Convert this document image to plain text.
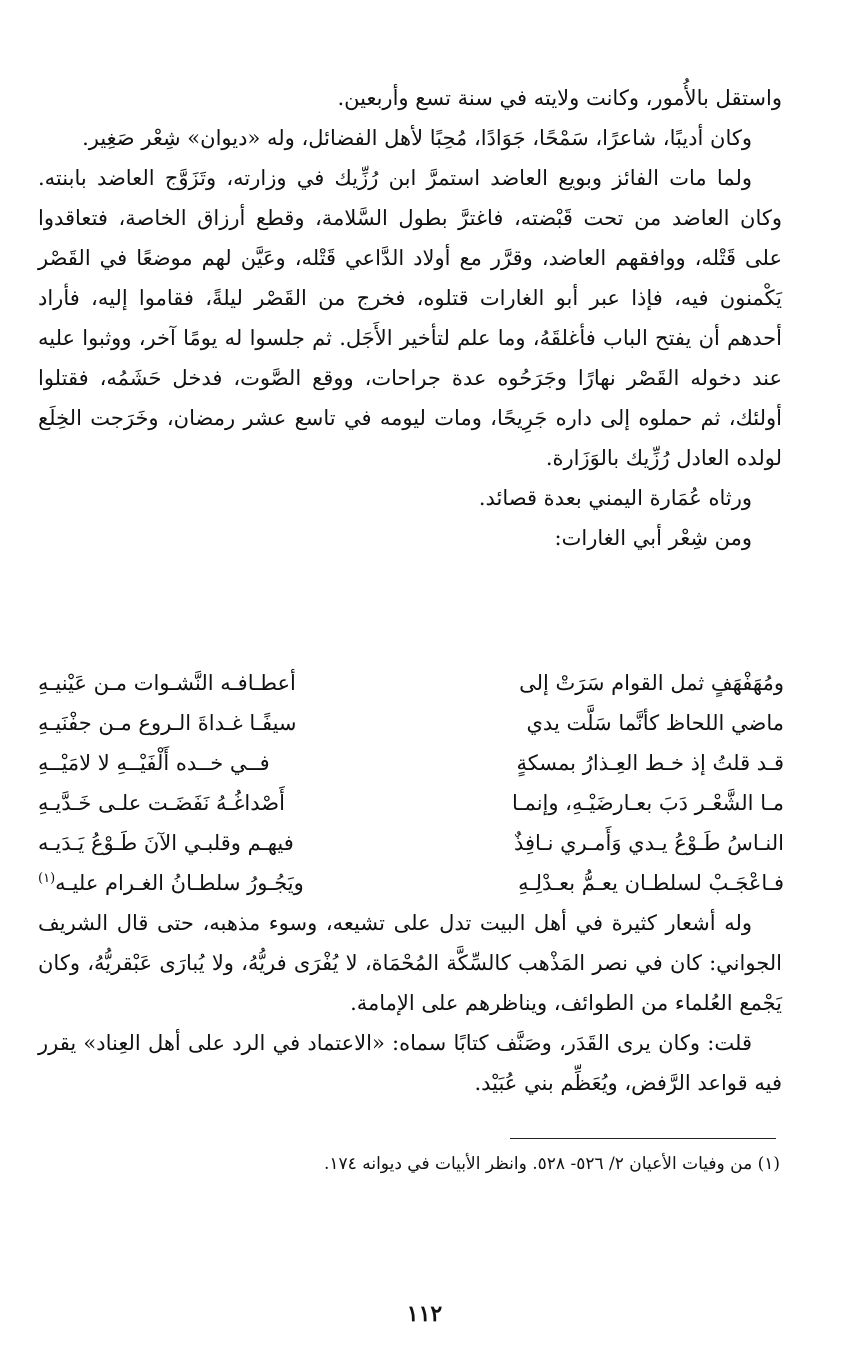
واستقل بالأُمور، وكانت ولايته في سنة تسع وأربعين.

وكان أديبًا، شاعرًا، سَمْحًا، جَوَادًا، مُحِبًا لأهل الفضائل، وله «ديوان» شِعْر صَغِير.

ولما مات الفائز وبويع العاضد استمرَّ ابن رُزِّيك في وزارته، وتَزَوَّج العاضد بابنته. وكان العاضد من تحت قَبْضته، فاغترَّ بطول السَّلامة، وقطع أرزاق الخاصة، فتعاقدوا على قَتْله، ووافقهم العاضد، وقرَّر مع أولاد الدَّاعي قَتْله، وعَيَّن لهم موضعًا في القَصْر يَكْمنون فيه، فإذا عبر أبو الغارات قتلوه، فخرج من القَصْر ليلةً، فقاموا إليه، فأراد أحدهم أن يفتح الباب فأغلقَهُ، وما علم لتأخير الأَجَل. ثم جلسوا له يومًا آخر، ووثبوا عليه عند دخوله القَصْر نهارًا وجَرَحُوه عدة جراحات، ووقع الصَّوت، فدخل حَشَمُه، فقتلوا أولئك، ثم حملوه إلى داره جَرِيحًا، ومات ليومه في تاسع عشر رمضان، وخَرَجت الخِلَع لولده العادل رُزِّيك بالوَزَارة.

ورثاه عُمَارة اليمني بعدة قصائد.

ومن شِعْر أبي الغارات:

ومُهَفْهَفٍ ثمل القوام سَرَتْ إلى
أعطـافـه النَّشـوات مـن عَيْنيـهِ
ماضي اللحاظ كأنَّما سَلَّت يدي
سيفًـا غـداةَ الـروع مـن جفْنَيـهِ
قـد قلتُ إذ خـط العِـذارُ بمسكةٍ
فــي خــده أَلْفَيْــهِ لا لامَيْــهِ
مـا الشَّعْـر دَبَ بعـارضَيْـهِ، وإنمـا
أَصْداغُـهُ نَفَضَـت علـى خَـدَّيـهِ
النـاسُ طَـوْعُ يـدي وَأَمـري نـافِذٌ
فيهـم وقلبـي الآنَ طَـوْعُ يَـدَيـه
فـاعْجَـبْ لسلطـان يعـمُّ بعـدْلِـهِ
ويَجُـورُ سلطـانُ الغـرام عليـه$^{(١)}$

وله أشعار كثيرة في أهل البيت تدل على تشيعه، وسوء مذهبه، حتى قال الشريف الجواني: كان في نصر المَذْهب كالسِّكَّة المُحْمَاة، لا يُفْرَى فريُّهُ، ولا يُبارَى عَبْقريُّهُ، وكان يَجْمع العُلماء من الطوائف، ويناظرهم على الإمامة.

قلت: وكان يرى القَدَر، وصَنَّف كتابًا سماه: «الاعتماد في الرد على أهل العِناد» يقرر فيه قواعد الرَّفض، ويُعَظِّم بني عُبَيْد.

(١) من وفيات الأعيان ٢/ ٥٢٦- ٥٢٨. وانظر الأبيات في ديوانه ١٧٤.
١١٢
